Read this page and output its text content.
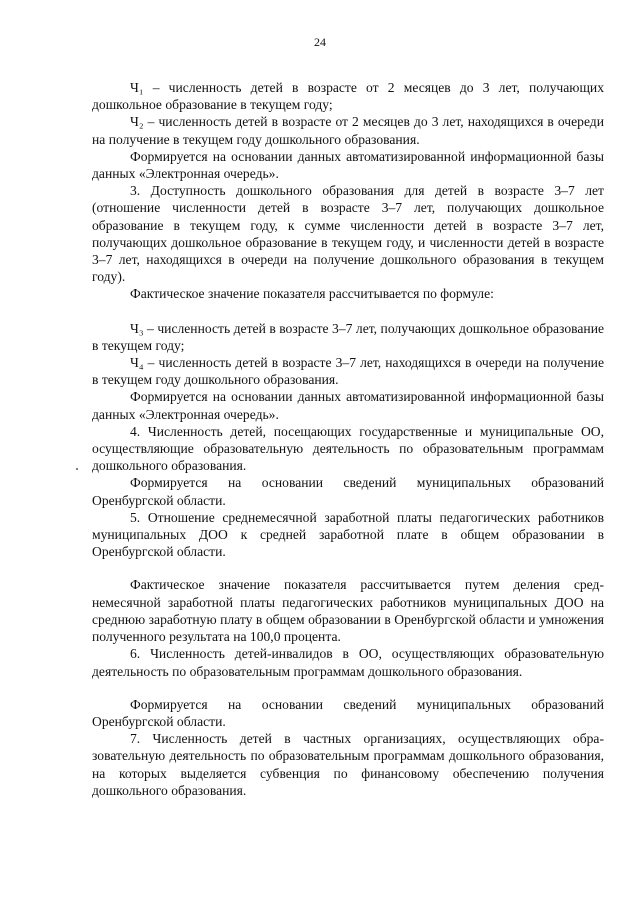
24

Ч₁ – численность детей в возрасте от 2 месяцев до 3 лет, получающих дошкольное образование в текущем году;

Ч₂ – численность детей в возрасте от 2 месяцев до 3 лет, находящихся в очереди на получение в текущем году дошкольного образования.

Формируется на основании данных автоматизированной информационной базы данных «Электронная очередь».

3. Доступность дошкольного образования для детей в возрасте 3–7 лет (отношение численности детей в возрасте 3–7 лет, получающих дошкольное образование в текущем году, к сумме численности детей в возрасте 3–7 лет, получающих дошкольное образование в текущем году, и численности детей в возрасте 3–7 лет, находящихся в очереди на получение дошкольного образования в текущем году).

Фактическое значение показателя рассчитывается по формуле:

Ч₃ – численность детей в возрасте 3–7 лет, получающих дошкольное образование в текущем году;

Ч₄ – численность детей в возрасте 3–7 лет, находящихся в очереди на получение в текущем году дошкольного образования.

Формируется на основании данных автоматизированной информационной базы данных «Электронная очередь».

4. Численность детей, посещающих государственные и муниципальные ОО, осуществляющие образовательную деятельность по образовательным программам дошкольного образования.

Формируется на основании сведений муниципальных образований Оренбургской области.

5. Отношение среднемесячной заработной платы педагогических работников муниципальных ДОО к средней заработной плате в общем образовании в Оренбургской области.

Фактическое значение показателя рассчитывается путем деления среднемесячной заработной платы педагогических работников муниципальных ДОО на среднюю заработную плату в общем образовании в Оренбургской области и умножения полученного результата на 100,0 процента.

6. Численность детей-инвалидов в ОО, осуществляющих образовательную деятельность по образовательным программам дошкольного образования.

Формируется на основании сведений муниципальных образований Оренбургской области.

7. Численность детей в частных организациях, осуществляющих образовательную деятельность по образовательным программам дошкольного образования, на которых выделяется субвенция по финансовому обеспечению получения дошкольного образования.
